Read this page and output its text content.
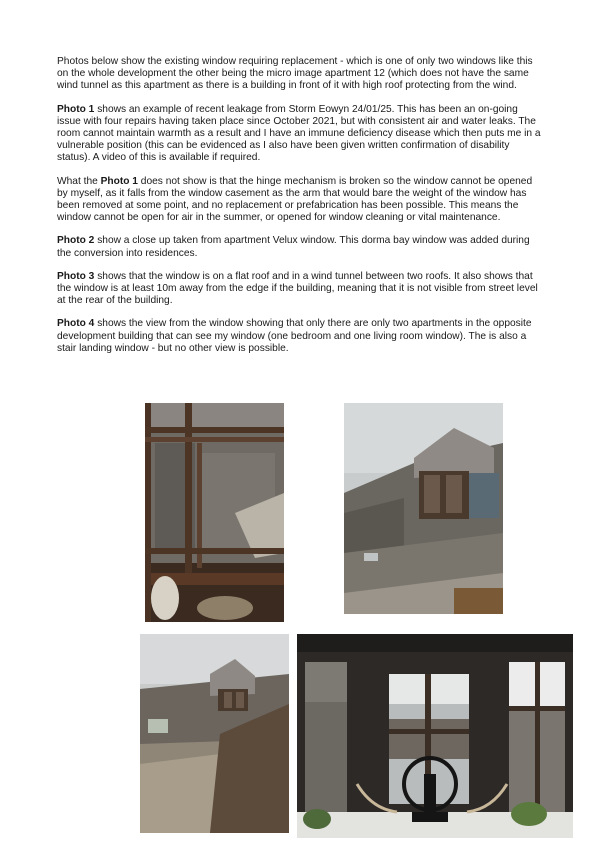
Photos below show the existing window requiring replacement - which is one of only two windows like this on the whole development the other being the micro image apartment 12 (which does not have the same wind tunnel as this apartment as there is a building in front of it with high roof protecting from the wind.

Photo 1 shows an example of recent leakage from Storm Eowyn 24/01/25. This has been an on-going issue with four repairs having taken place since October 2021, but with consistent air and water leaks. The room cannot maintain warmth as a result and I have an immune deficiency disease which then puts me in a vulnerable position (this can be evidenced as I also have been given written confirmation of disability status). A video of this is available if required.

What the Photo 1 does not show is that the hinge mechanism is broken so the window cannot be opened by myself, as it falls from the window casement as the arm that would bare the weight of the window has been removed at some point, and no replacement or prefabrication has been possible. This means the window cannot be open for air in the summer, or opened for window cleaning or vital maintenance.

Photo 2 show a close up taken from apartment Velux window. This dorma bay window was added during the conversion into residences.

Photo 3 shows that the window is on a flat roof and in a wind tunnel between two roofs. It also shows that the window is at least 10m away from the edge if the building, meaning that it is not visible from street level at the rear of the building.

Photo 4 shows the view from the window showing that only there are only two apartments in the opposite development building that can see my window (one bedroom and one living room window). The is also a stair landing window - but no other view is possible.
